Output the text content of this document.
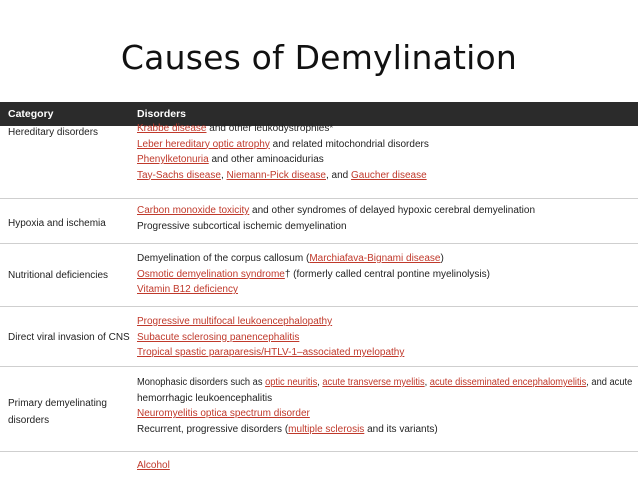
Causes of Demylination
Category	Disorders
Hereditary disorders	Krabbe disease and other leukodystrophies*
Leber hereditary optic atrophy and related mitochondrial disorders
Phenylketonuria and other aminoacidurias
Tay-Sachs disease, Niemann-Pick disease, and Gaucher disease
Hypoxia and ischemia
Carbon monoxide toxicity and other syndromes of delayed hypoxic cerebral demyelination
Progressive subcortical ischemic demyelination
Nutritional deficiencies
Demyelination of the corpus callosum (Marchiafava-Bignami disease)
Osmotic demyelination syndrome† (formerly called central pontine myelinolysis)
Vitamin B12 deficiency
Direct viral invasion of CNS
Progressive multifocal leukoencephalopathy
Subacute sclerosing panencephalitis
Tropical spastic paraparesis/HTLV-1–associated myelopathy
Primary demyelinating disorders
Monophasic disorders such as optic neuritis, acute transverse myelitis, acute disseminated encephalomyelitis, and acute
hemorrhagic leukoencephalitis
Neuromyelitis optica spectrum disorder
Recurrent, progressive disorders (multiple sclerosis and its variants)
Alcohol
